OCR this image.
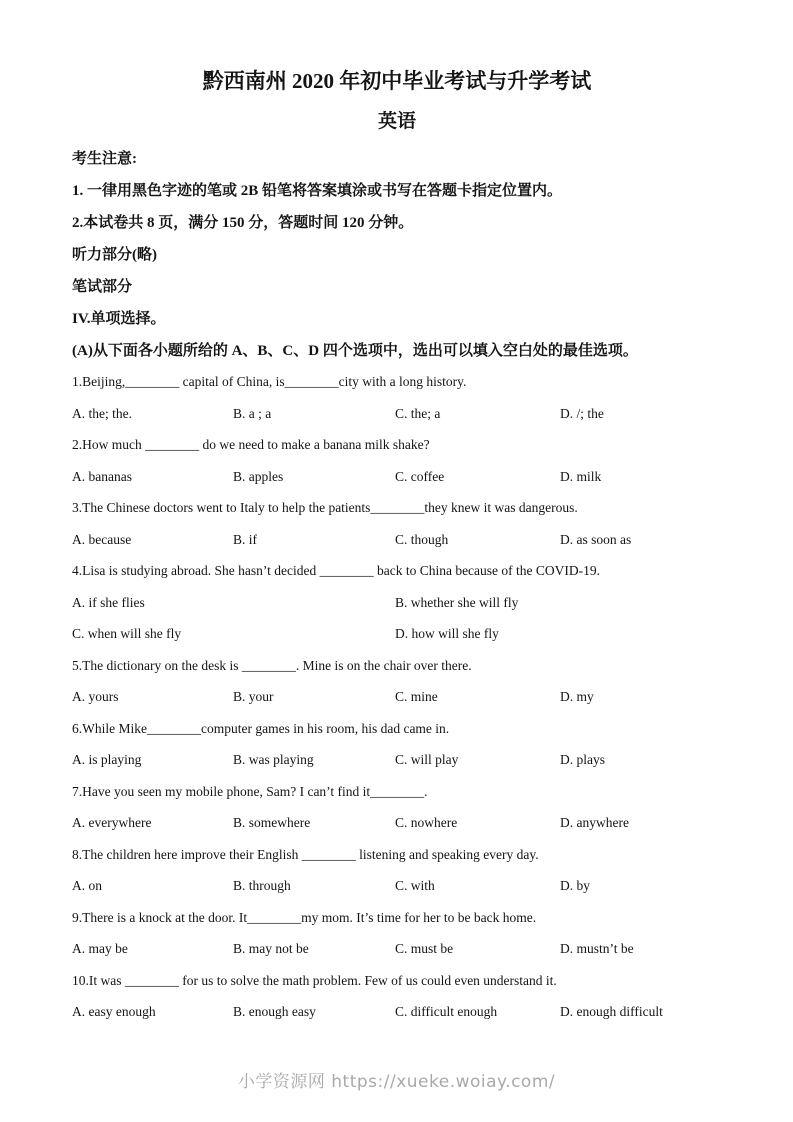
黔西南州 2020 年初中毕业考试与升学考试
英语
考生注意:
1. 一律用黑色字迹的笔或 2B 铅笔将答案填涂或书写在答题卡指定位置内。
2.本试卷共 8 页，满分 150 分，答题时间 120 分钟。
听力部分(略)
笔试部分
IV.单项选择。
(A)从下面各小题所给的 A、B、C、D 四个选项中，选出可以填入空白处的最佳选项。
1.Beijing,________ capital of China, is________city with a long history.
A. the; the.	B. a ; a	C. the; a	D. /; the
2.How much ________ do we need to make a banana milk shake?
A. bananas	B. apples	C. coffee	D. milk
3.The Chinese doctors went to Italy to help the patients________they knew it was dangerous.
A. because	B. if	C. though	D. as soon as
4.Lisa is studying abroad. She hasn’t decided ________ back to China because of the COVID-19.
A. if she flies	B. whether she will fly
C. when will she fly	D. how will she fly
5.The dictionary on the desk is ________. Mine is on the chair over there.
A. yours	B. your	C. mine	D. my
6.While Mike________computer games in his room, his dad came in.
A. is playing	B. was playing	C. will play	D. plays
7.Have you seen my mobile phone, Sam? I can’t find it________.
A. everywhere	B. somewhere	C. nowhere	D. anywhere
8.The children here improve their English ________ listening and speaking every day.
A. on	B. through	C. with	D. by
9.There is a knock at the door. It________my mom. It’s time for her to be back home.
A. may be	B. may not be	C. must be	D. mustn’t be
10.It was ________ for us to solve the math problem. Few of us could even understand it.
A. easy enough	B. enough easy	C. difficult enough	D. enough difficult
小学资源网 https://xueke.woiay.com/
